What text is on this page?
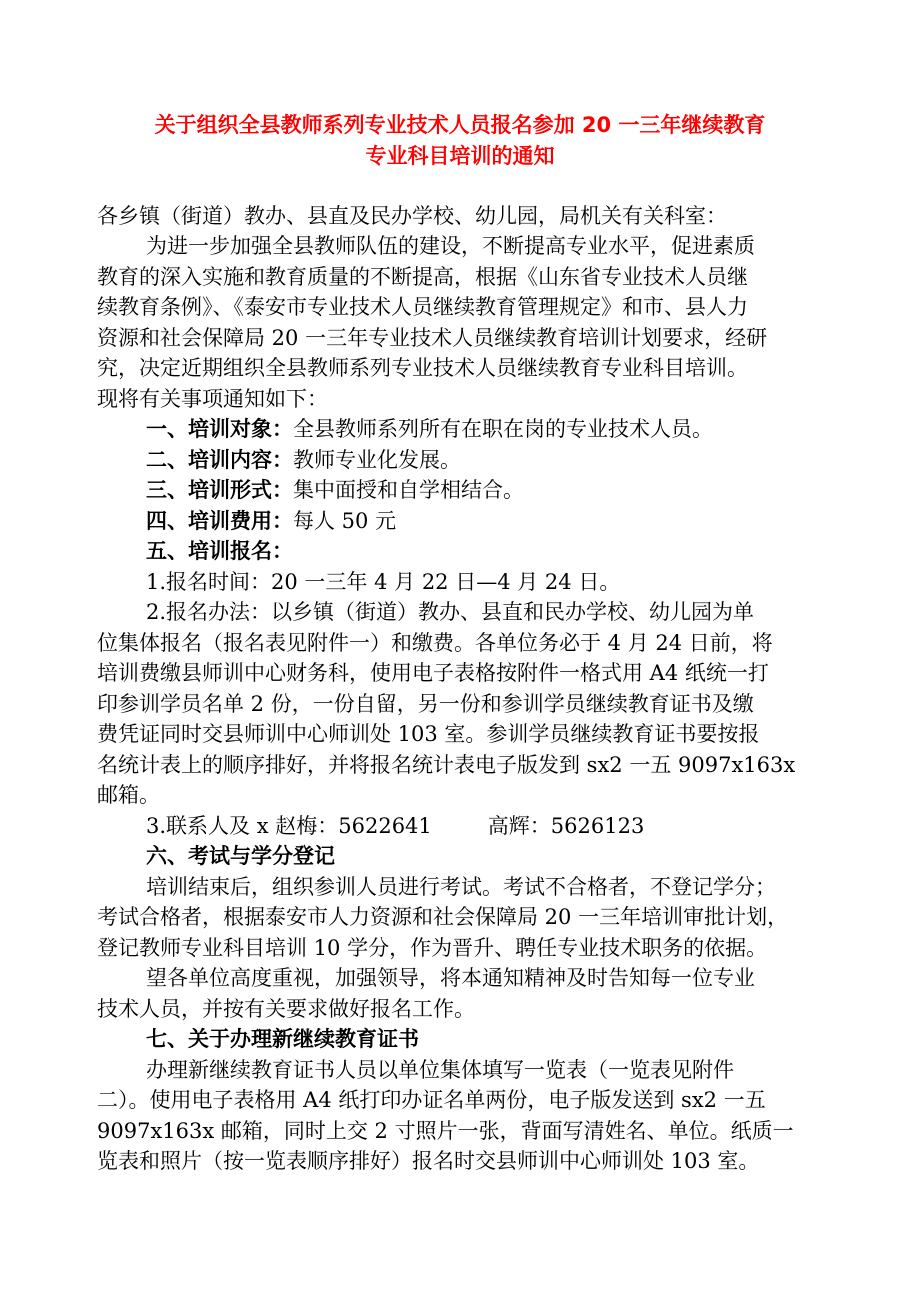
关于组织全县教师系列专业技术人员报名参加 20 一三年继续教育
专业科目培训的通知
各乡镇（街道）教办、县直及民办学校、幼儿园，局机关有关科室：
为进一步加强全县教师队伍的建设，不断提高专业水平，促进素质
教育的深入实施和教育质量的不断提高，根据《山东省专业技术人员继
续教育条例》、《泰安市专业技术人员继续教育管理规定》和市、县人力
资源和社会保障局 20 一三年专业技术人员继续教育培训计划要求，经研
究，决定近期组织全县教师系列专业技术人员继续教育专业科目培训。
现将有关事项通知如下：
一、培训对象：全县教师系列所有在职在岗的专业技术人员。
二、培训内容：教师专业化发展。
三、培训形式：集中面授和自学相结合。
四、培训费用：每人 50 元
五、培训报名：
1.报名时间：20 一三年 4 月 22 日—4 月 24 日。
2.报名办法：以乡镇（街道）教办、县直和民办学校、幼儿园为单
位集体报名（报名表见附件一）和缴费。各单位务必于 4 月 24 日前，将
培训费缴县师训中心财务科，使用电子表格按附件一格式用 A4 纸统一打
印参训学员名单 2 份，一份自留，另一份和参训学员继续教育证书及缴
费凭证同时交县师训中心师训处 103 室。参训学员继续教育证书要按报
名统计表上的顺序排好，并将报名统计表电子版发到 sx2 一五 9097x163x
邮箱。
3.联系人及 x 赵梅：5622641	高辉：5626123
六、考试与学分登记
培训结束后，组织参训人员进行考试。考试不合格者，不登记学分；
考试合格者，根据泰安市人力资源和社会保障局 20 一三年培训审批计划，
登记教师专业科目培训 10 学分，作为晋升、聘任专业技术职务的依据。
望各单位高度重视，加强领导，将本通知精神及时告知每一位专业
技术人员，并按有关要求做好报名工作。
七、关于办理新继续教育证书
办理新继续教育证书人员以单位集体填写一览表（一览表见附件
二）。使用电子表格用 A4 纸打印办证名单两份，电子版发送到 sx2 一五
9097x163x 邮箱，同时上交 2 寸照片一张，背面写清姓名、单位。纸质一
览表和照片（按一览表顺序排好）报名时交县师训中心师训处 103 室。
